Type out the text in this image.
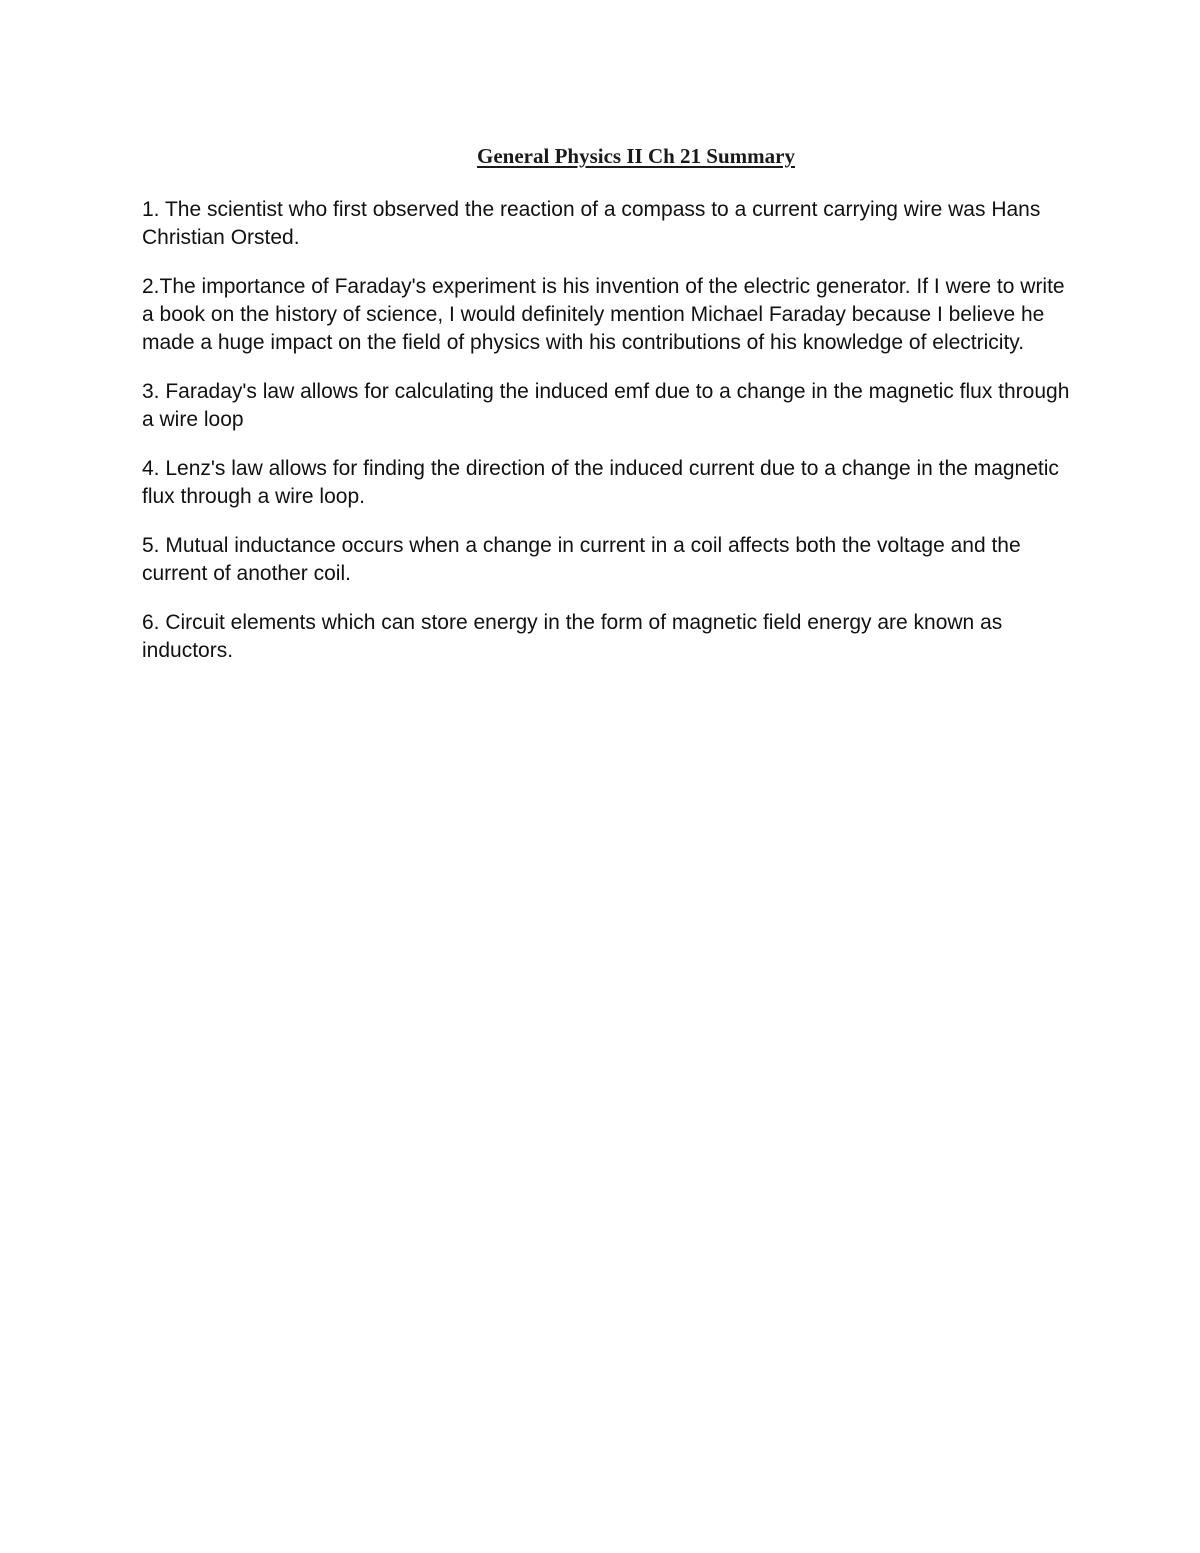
General Physics II Ch 21 Summary

1. The scientist who first observed the reaction of a compass to a current carrying wire was Hans Christian Orsted.

2.The importance of Faraday's experiment is his invention of the electric generator. If I were to write a book on the history of science, I would definitely mention Michael Faraday because I believe he made a huge impact on the field of physics with his contributions of his knowledge of electricity.

3. Faraday's law allows for calculating the induced emf due to a change in the magnetic flux through a wire loop

4. Lenz's law allows for finding the direction of the induced current due to a change in the magnetic flux through a wire loop.

5. Mutual inductance occurs when a change in current in a coil affects both the voltage and the current of another coil.

6. Circuit elements which can store energy in the form of magnetic field energy are known as inductors.
